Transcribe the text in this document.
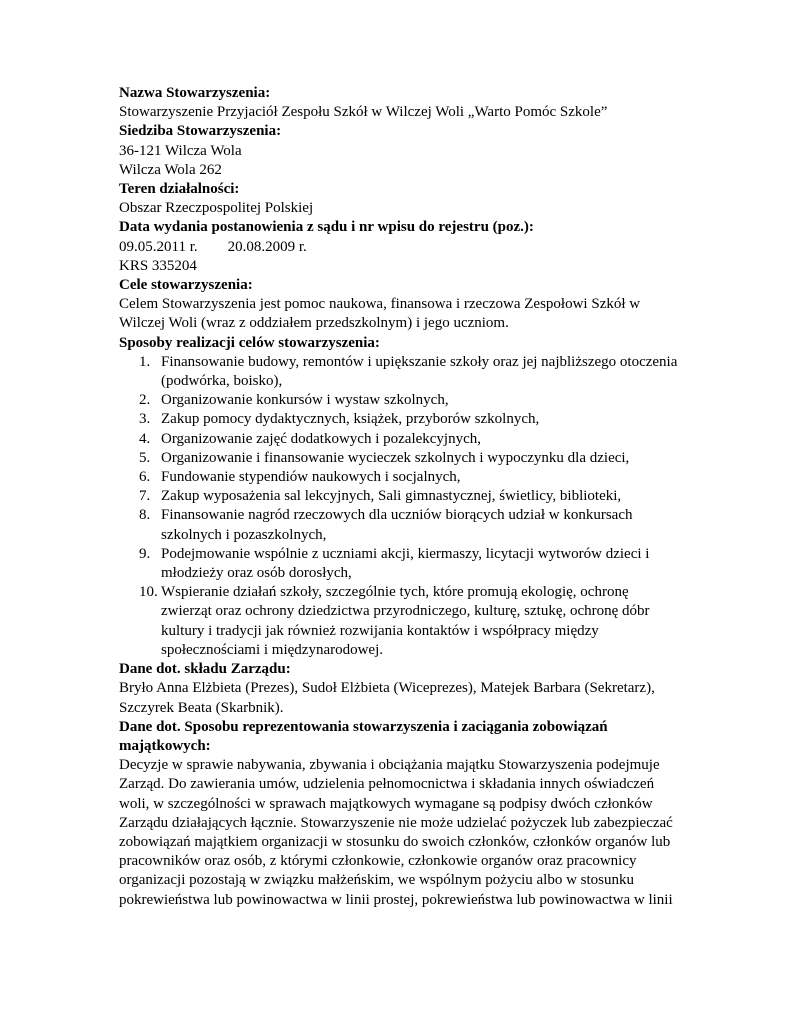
Nazwa Stowarzyszenia:

Stowarzyszenie Przyjaciół Zespołu Szkół w Wilczej Woli „Warto Pomóc Szkole”

Siedziba Stowarzyszenia:

36-121 Wilcza Wola

Wilcza Wola 262

Teren działalności:

Obszar Rzeczpospolitej Polskiej

Data wydania postanowienia z sądu i nr wpisu do rejestru (poz.):

09.05.2011 r. 20.08.2009 r.

KRS 335204

Cele stowarzyszenia:

Celem Stowarzyszenia jest pomoc naukowa, finansowa i rzeczowa Zespołowi Szkół w Wilczej Woli (wraz z oddziałem przedszkolnym) i jego uczniom.

Sposoby realizacji celów stowarzyszenia:

1. Finansowanie budowy, remontów i upiększanie szkoły oraz jej najbliższego otoczenia (podwórka, boisko),
2. Organizowanie konkursów i wystaw szkolnych,
3. Zakup pomocy dydaktycznych, książek, przyborów szkolnych,
4. Organizowanie zajęć dodatkowych i pozalekcyjnych,
5. Organizowanie i finansowanie wycieczek szkolnych i wypoczynku dla dzieci,
6. Fundowanie stypendiów naukowych i socjalnych,
7. Zakup wyposażenia sal lekcyjnych, Sali gimnastycznej, świetlicy, biblioteki,
8. Finansowanie nagród rzeczowych dla uczniów biorących udział w konkursach szkolnych i pozaszkolnych,
9. Podejmowanie wspólnie z uczniami akcji, kiermaszy, licytacji wytworów dzieci i młodzieży oraz osób dorosłych,
10. Wspieranie działań szkoły, szczególnie tych, które promują ekologię, ochronę zwierząt oraz ochrony dziedzictwa przyrodniczego, kulturę, sztukę, ochronę dóbr kultury i tradycji jak również rozwijania kontaktów i współpracy między społecznościami i międzynarodowej.

Dane dot. składu Zarządu:

Bryło Anna Elżbieta (Prezes), Sudoł Elżbieta (Wiceprezes), Matejek Barbara (Sekretarz), Szczyrek Beata (Skarbnik).

Dane dot. Sposobu reprezentowania stowarzyszenia i zaciągania zobowiązań majątkowych:

Decyzje w sprawie nabywania, zbywania i obciążania majątku Stowarzyszenia podejmuje Zarząd. Do zawierania umów, udzielenia pełnomocnictwa i składania innych oświadczeń woli, w szczególności w sprawach majątkowych wymagane są podpisy dwóch członków Zarządu działających łącznie. Stowarzyszenie nie może udzielać pożyczek lub zabezpieczać zobowiązań majątkiem organizacji w stosunku do swoich członków, członków organów lub pracowników oraz osób, z którymi członkowie, członkowie organów oraz pracownicy organizacji pozostają w związku małżeńskim, we wspólnym pożyciu albo w stosunku pokrewieństwa lub powinowactwa w linii prostej, pokrewieństwa lub powinowactwa w linii
